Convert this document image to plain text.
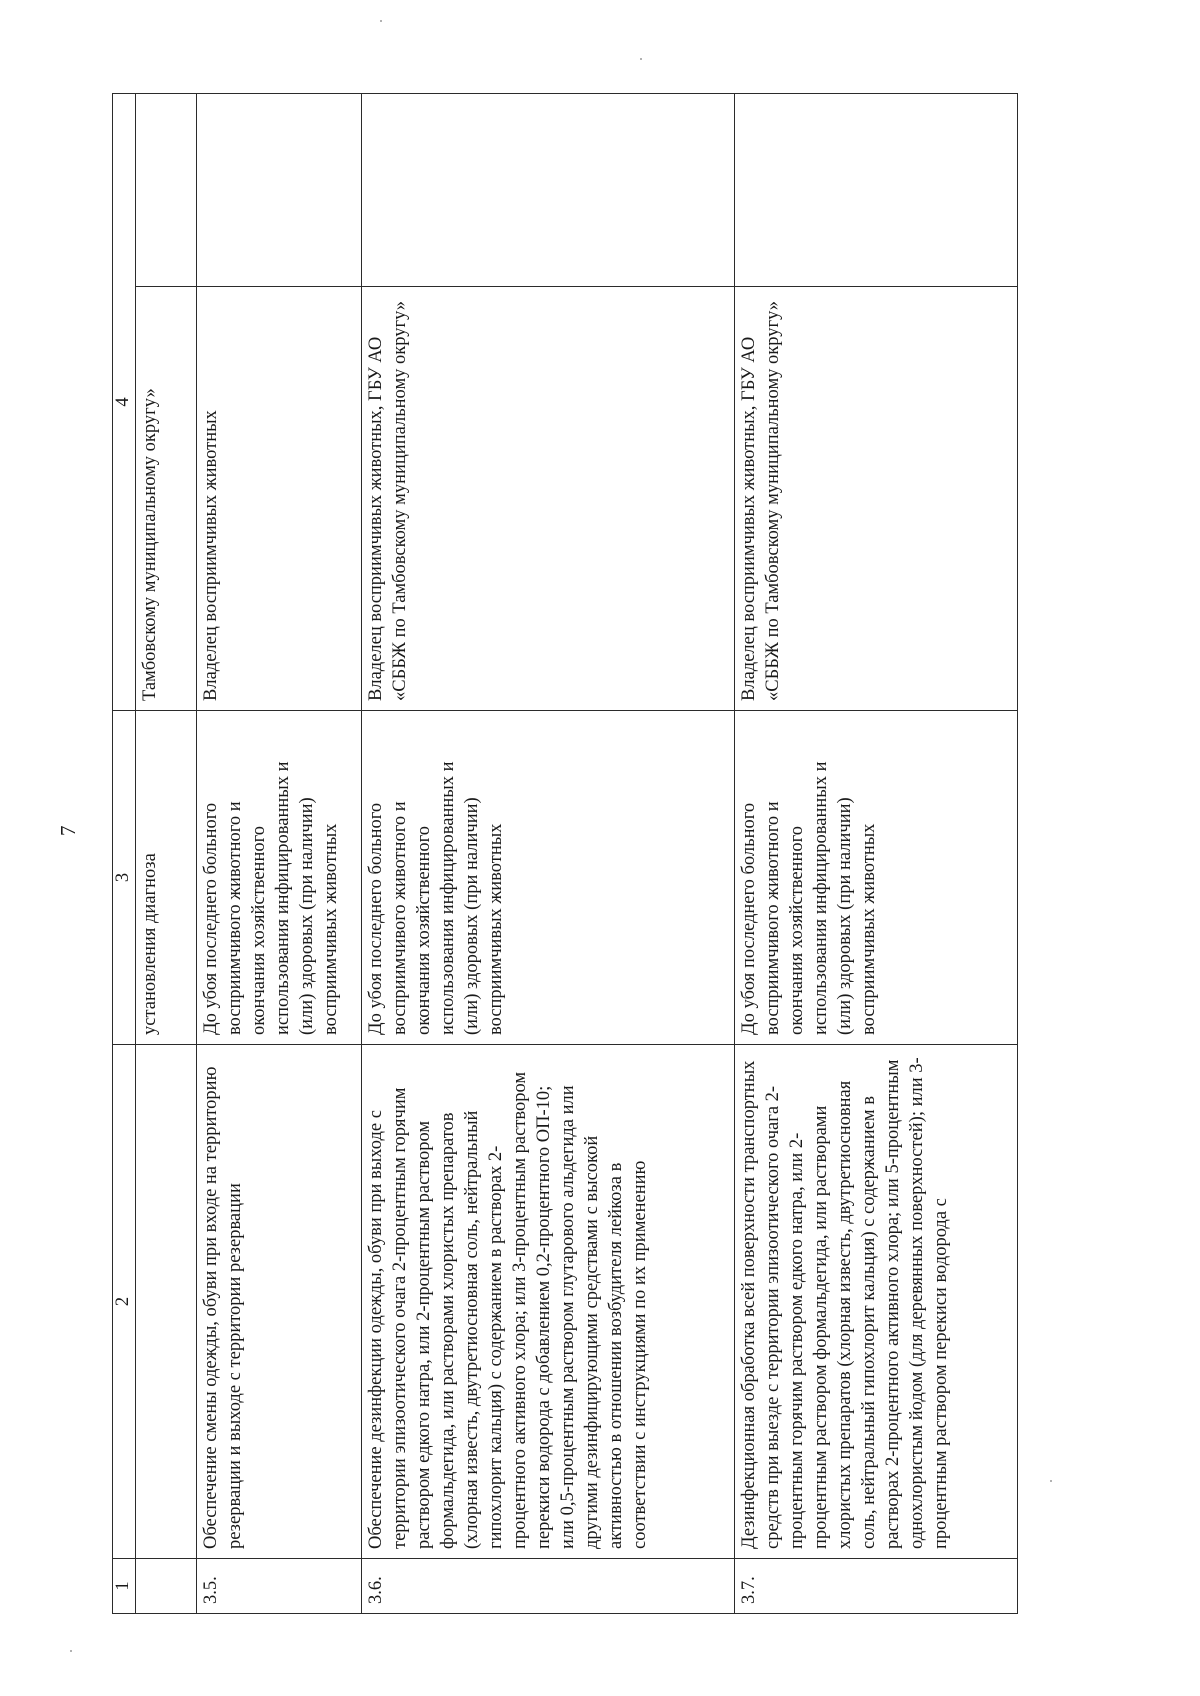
7
1	2	3	4	
		установления диагноза	Тамбовскому муниципальному округу»	
3.5.	Обеспечение смены одежды, обуви при входе на территорию резервации и выходе с территории резервации	До убоя последнего больного восприимчивого животного и окончания хозяйственного использования инфицированных и (или) здоровых (при наличии) восприимчивых животных	Владелец восприимчивых животных	
3.6.	Обеспечение дезинфекции одежды, обуви при выходе с территории эпизоотического очага 2-процентным горячим раствором едкого натра, или 2-процентным раствором формальдегида, или растворами хлористых препаратов (хлорная известь, двутретиосновная соль, нейтральный гипохлорит кальция) с содержанием в растворах 2-процентного активного хлора; или 3-процентным раствором перекиси водорода с добавлением 0,2-процентного ОП-10; или 0,5-процентным раствором глутарового альдегида или другими дезинфицирующими средствами с высокой активностью в отношении возбудителя лейкоза в соответствии с инструкциями по их применению	До убоя последнего больного восприимчивого животного и окончания хозяйственного использования инфицированных и (или) здоровых (при наличии) восприимчивых животных	Владелец восприимчивых животных, ГБУ АО «СББЖ по Тамбовскому муниципальному округу»	
3.7.	Дезинфекционная обработка всей поверхности транспортных средств при выезде с территории эпизоотического очага 2-процентным горячим раствором едкого натра, или 2-процентным раствором формальдегида, или растворами хлористых препаратов (хлорная известь, двутретиосновная соль, нейтральный гипохлорит кальция) с содержанием в растворах 2-процентного активного хлора; или 5-процентным однохлористым йодом (для деревянных поверхностей); или 3-процентным раствором перекиси водорода с	До убоя последнего больного восприимчивого животного и окончания хозяйственного использования инфицированных и (или) здоровых (при наличии) восприимчивых животных	Владелец восприимчивых животных, ГБУ АО «СББЖ по Тамбовскому муниципальному округу»	
